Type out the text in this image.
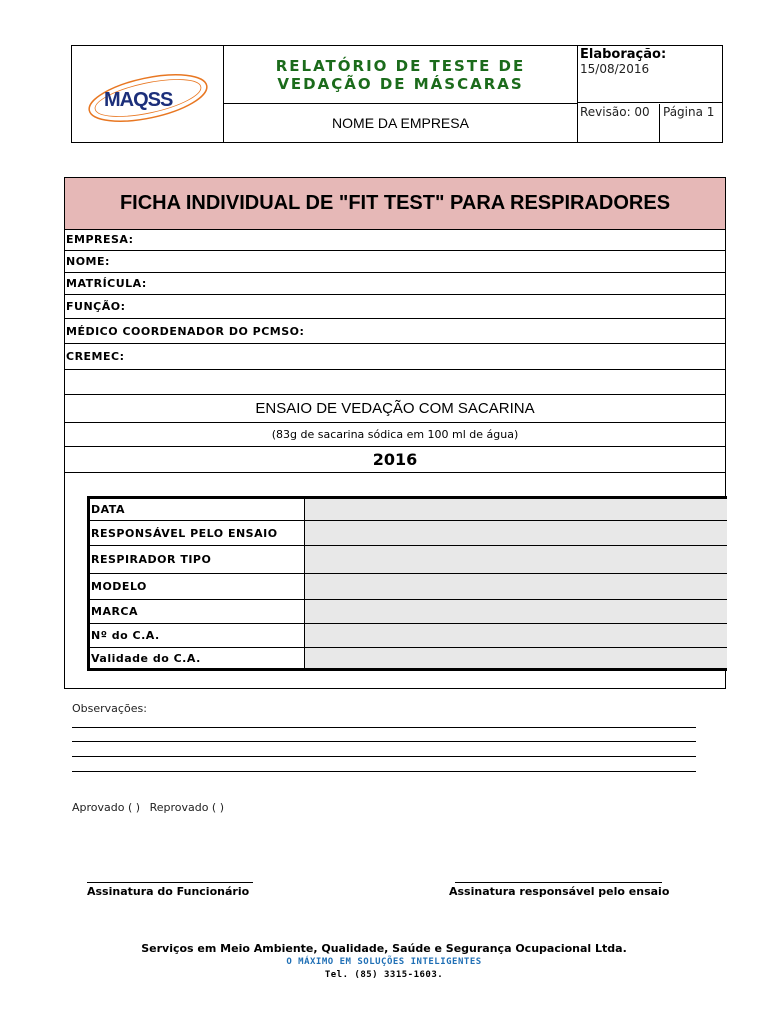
MAQSS
RELATÓRIO DE TESTE DE
VEDAÇÃO DE MÁSCARAS
NOME DA EMPRESA
Elaboração:
15/08/2016
Revisão: 00	Página 1
FICHA INDIVIDUAL DE "FIT TEST" PARA RESPIRADORES
EMPRESA:
NOME:
MATRÍCULA:
FUNÇÃO:
MÉDICO COORDENADOR DO PCMSO:
CREMEC:
ENSAIO DE VEDAÇÃO COM SACARINA
(83g de sacarina sódica em 100 ml de água)
2016
DATA
RESPONSÁVEL PELO ENSAIO
RESPIRADOR TIPO
MODELO
MARCA
Nº do C.A.
Validade do C.A.
Observações:
Aprovado ( ) Reprovado ( )
Assinatura do Funcionário	Assinatura responsável pelo ensaio
Serviços em Meio Ambiente, Qualidade, Saúde e Segurança Ocupacional Ltda.
O MÁXIMO EM SOLUÇÕES INTELIGENTES
Tel. (85) 3315-1603.
